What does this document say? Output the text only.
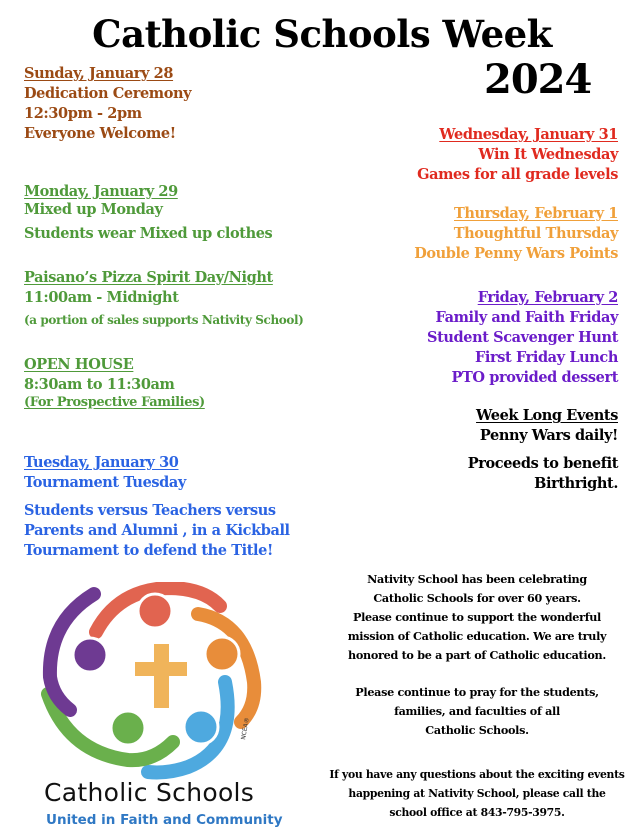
Catholic Schools Week
2024
Sunday, January 28
Dedication Ceremony
12:30pm - 2pm
Everyone Welcome!
Monday, January 29
Mixed up Monday
Students wear Mixed up clothes
Paisano’s Pizza Spirit Day/Night
11:00am - Midnight
(a portion of sales supports Nativity School)
OPEN HOUSE
8:30am to 11:30am
(For Prospective Families)
Tuesday, January 30
Tournament Tuesday
Students versus Teachers versus
Parents and Alumni , in a Kickball
Tournament to defend the Title!
Wednesday, January 31
Win It Wednesday
Games for all grade levels
Thursday, February 1
Thoughtful Thursday
Double Penny Wars Points
Friday, February 2
Family and Faith Friday
Student Scavenger Hunt
First Friday Lunch
PTO provided dessert
Week Long Events
Penny Wars daily!
Proceeds to benefit
Birthright.
Nativity School has been celebrating
Catholic Schools for over 60 years.
Please continue to support the wonderful
mission of Catholic education. We are truly
honored to be a part of Catholic education.
Please continue to pray for the students,
families, and faculties of all
Catholic Schools.
If you have any questions about the exciting events
happening at Nativity School, please call the
school office at 843-795-3975.
NCEA®
Catholic Schools
United in Faith and Community
